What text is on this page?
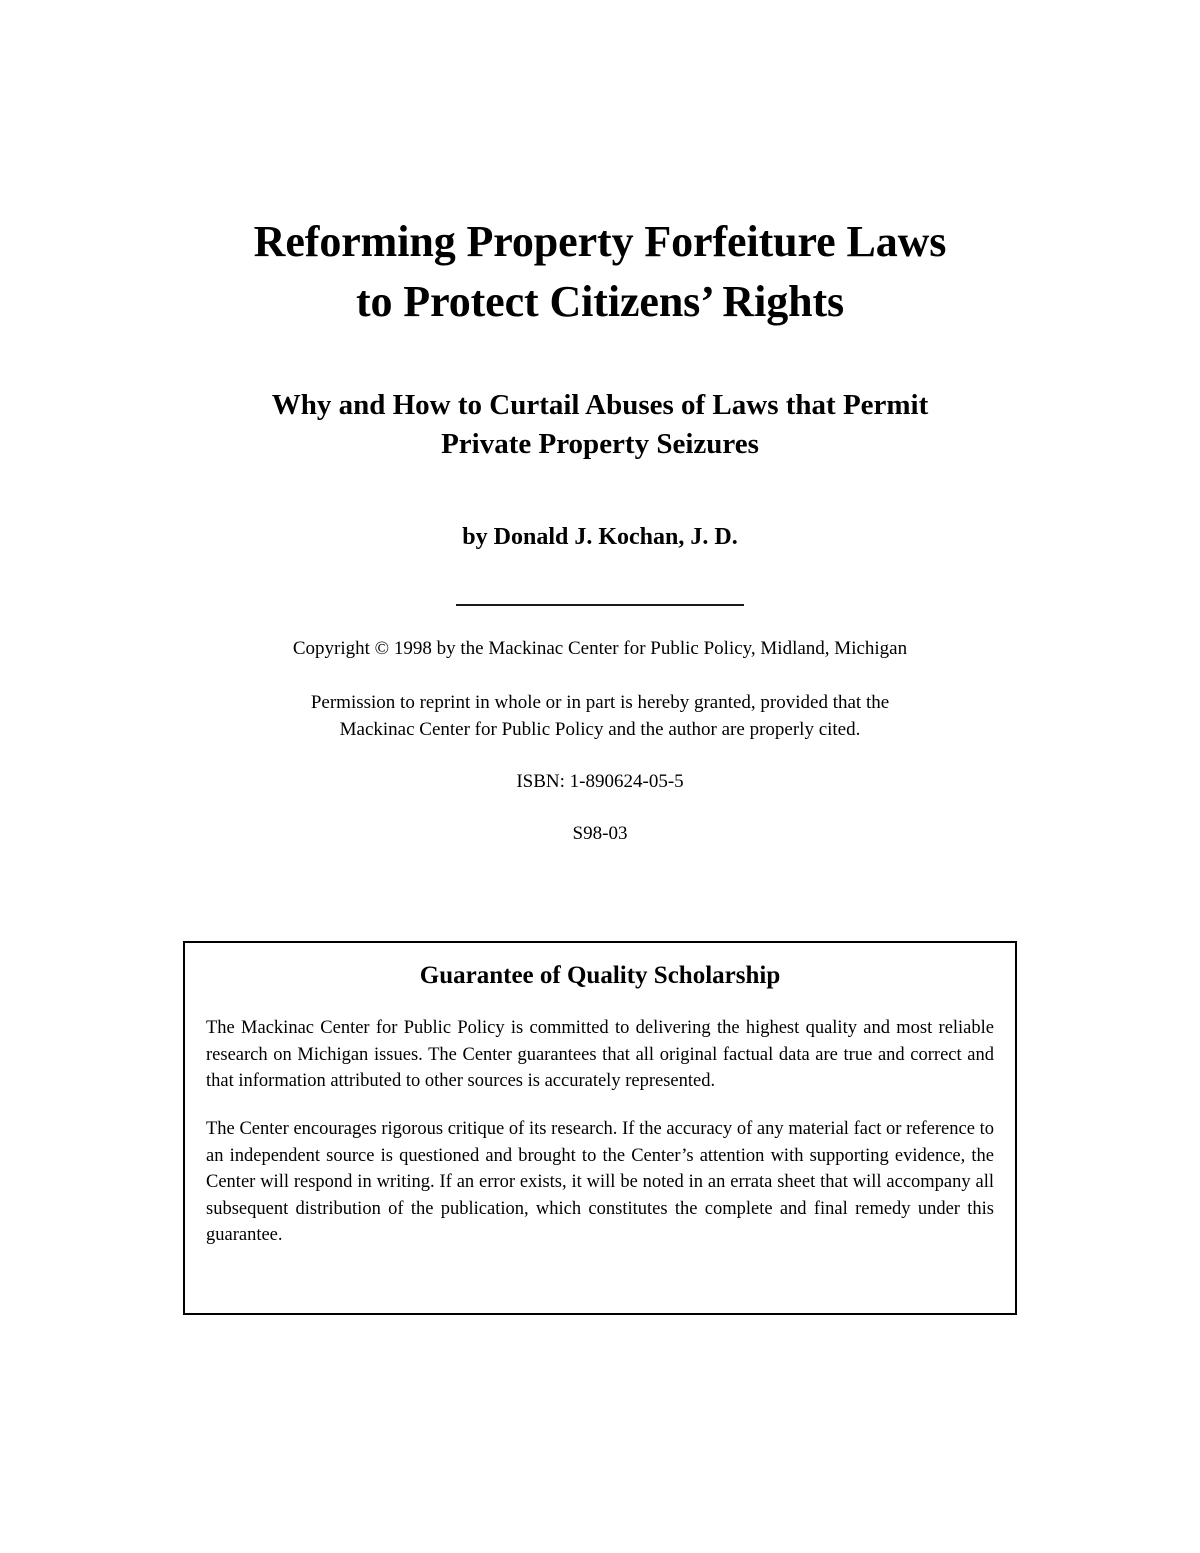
Reforming Property Forfeiture Laws
to Protect Citizens’ Rights
Why and How to Curtail Abuses of Laws that Permit
Private Property Seizures
by Donald J. Kochan, J. D.

Copyright © 1998 by the Mackinac Center for Public Policy, Midland, Michigan

Permission to reprint in whole or in part is hereby granted, provided that the

Mackinac Center for Public Policy and the author are properly cited.

ISBN: 1-890624-05-5

S98-03

Guarantee of Quality Scholarship

The Mackinac Center for Public Policy is committed to delivering the highest quality and most reliable research on Michigan issues. The Center guarantees that all original factual data are true and correct and that information attributed to other sources is accurately represented.

The Center encourages rigorous critique of its research. If the accuracy of any material fact or reference to an independent source is questioned and brought to the Center’s attention with supporting evidence, the Center will respond in writing. If an error exists, it will be noted in an errata sheet that will accompany all subsequent distribution of the publication, which constitutes the complete and final remedy under this guarantee.
